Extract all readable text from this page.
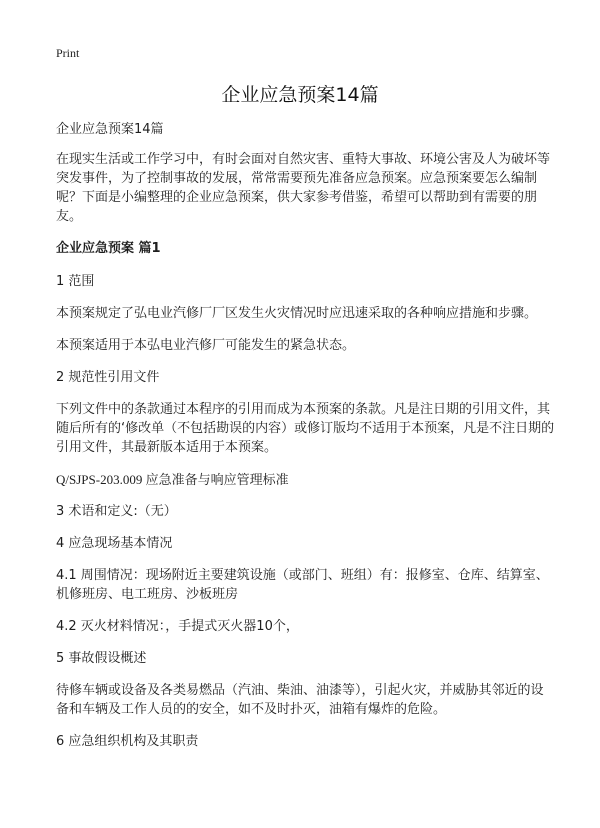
Print
企业应急预案14篇

企业应急预案14篇

在现实生活或工作学习中，有时会面对自然灾害、重特大事故、环境公害及人为破坏等突发事件，为了控制事故的发展，常常需要预先准备应急预案。应急预案要怎么编制呢？下面是小编整理的企业应急预案，供大家参考借鉴，希望可以帮助到有需要的朋友。

企业应急预案 篇1

1 范围

本预案规定了弘电业汽修厂厂区发生火灾情况时应迅速采取的各种响应措施和步骤。

本预案适用于本弘电业汽修厂可能发生的紧急状态。

2 规范性引用文件

下列文件中的条款通过本程序的引用而成为本预案的条款。凡是注日期的引用文件，其随后所有的‘修改单（不包括勘误的内容）或修订版均不适用于本预案，凡是不注日期的引用文件，其最新版本适用于本预案。

Q/SJPS-203.009 应急准备与响应管理标准

3 术语和定义:（无）

4 应急现场基本情况

4.1 周围情况：现场附近主要建筑设施（或部门、班组）有：报修室、仓库、结算室、机修班房、电工班房、沙板班房

4.2 灭火材料情况：，手提式灭火器10个，

5 事故假设概述

待修车辆或设备及各类易燃品（汽油、柴油、油漆等），引起火灾，并威胁其邻近的设备和车辆及工作人员的的安全，如不及时扑灭，油箱有爆炸的危险。

6 应急组织机构及其职责
